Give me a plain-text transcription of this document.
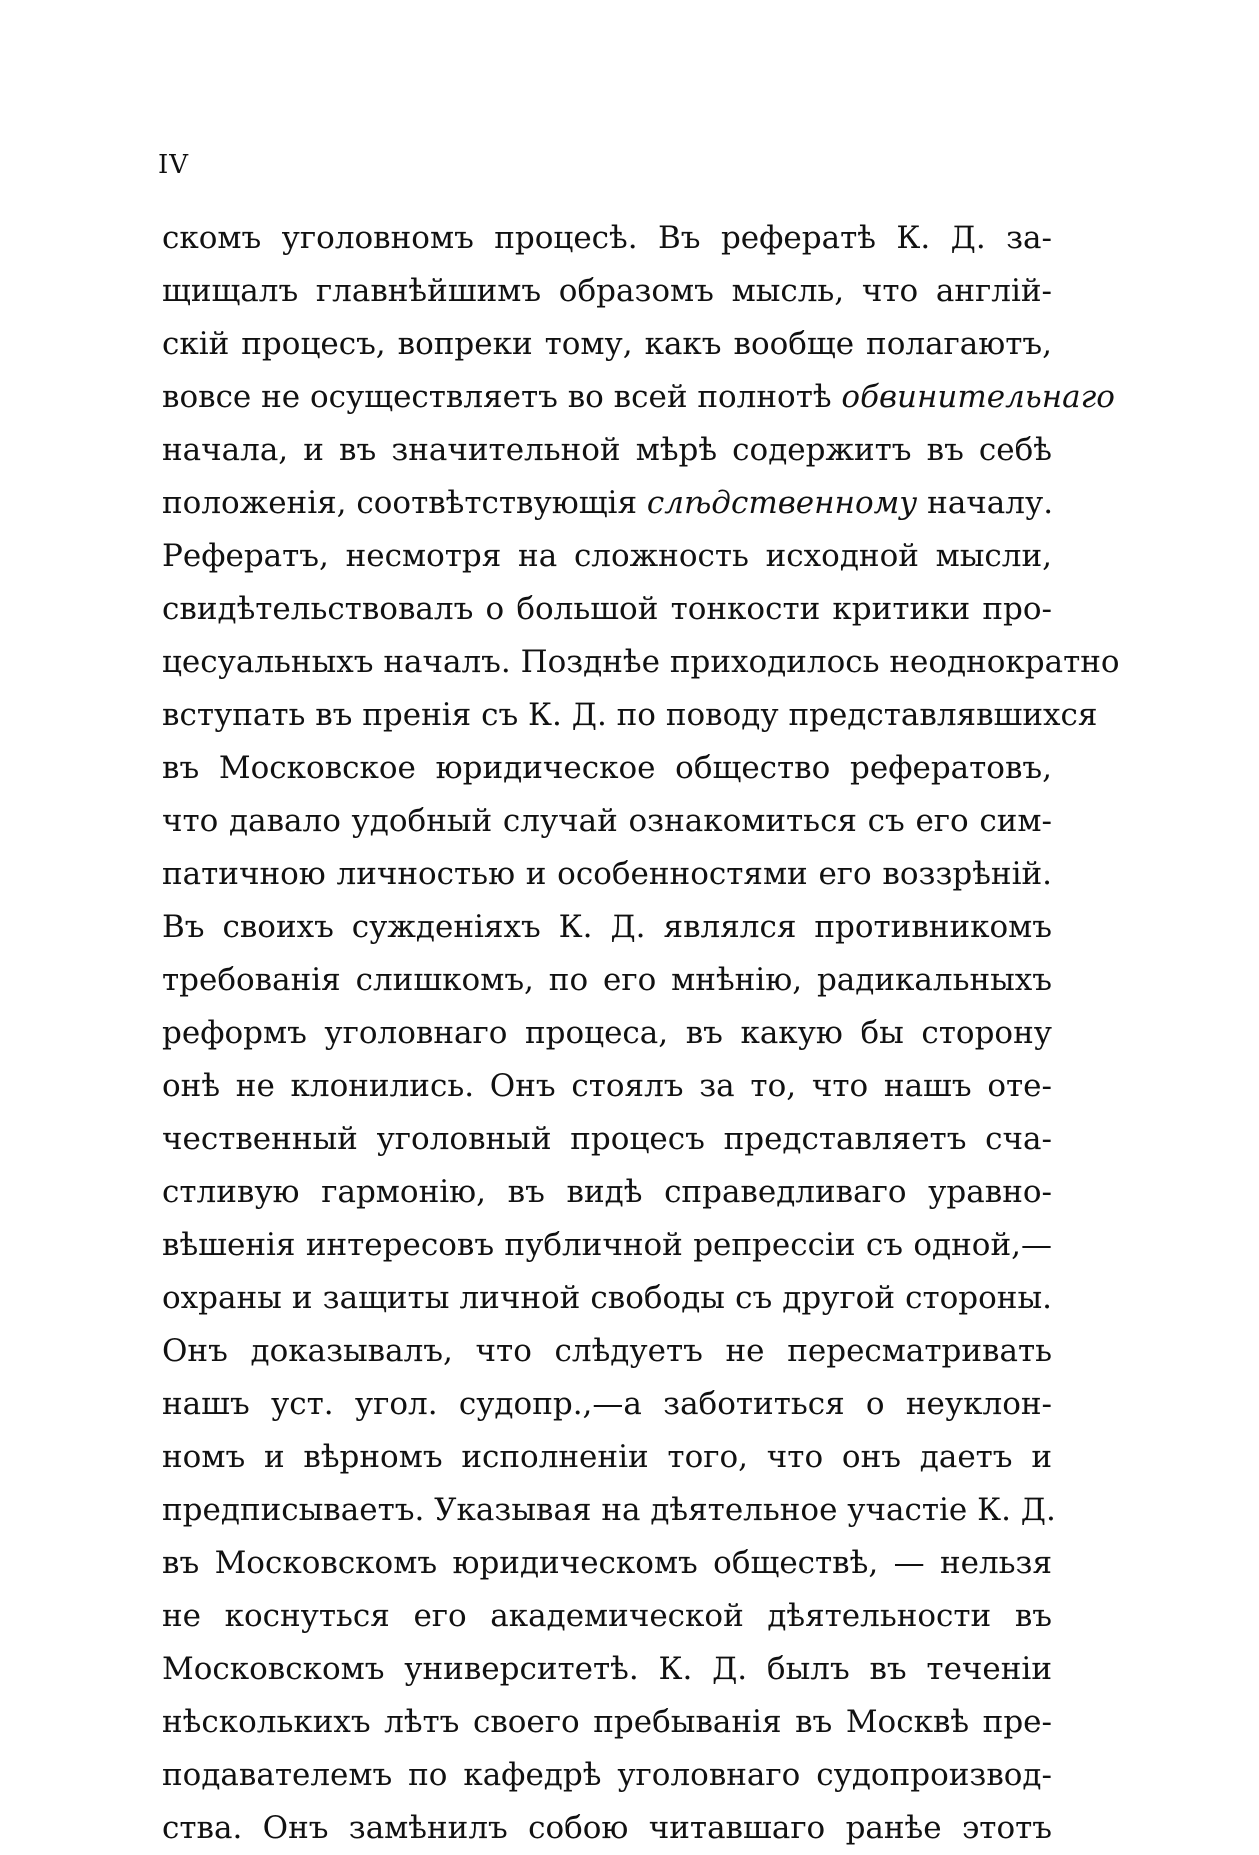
IV
скомъ уголовномъ процесѣ. Въ рефератѣ К. Д. за-
щищалъ главнѣйшимъ образомъ мысль, что англій-
скій процесъ, вопреки тому, какъ вообще полагаютъ,
вовсе не осуществляетъ во всей полнотѣ обвинительнаго
начала, и въ значительной мѣрѣ содержитъ въ себѣ
положенія, соотвѣтствующія слѣдственному началу.
Рефератъ, несмотря на сложность исходной мысли,
свидѣтельствовалъ о большой тонкости критики про-
цесуальныхъ началъ. Позднѣе приходилось неоднократно
вступать въ пренія съ К. Д. по поводу представлявшихся
въ Московское юридическое общество рефератовъ,
что давало удобный случай ознакомиться съ его сим-
патичною личностью и особенностями его воззрѣній.
Въ своихъ сужденіяхъ К. Д. являлся противникомъ
требованія слишкомъ, по его мнѣнію, радикальныхъ
реформъ уголовнаго процеса, въ какую бы сторону
онѣ не клонились. Онъ стоялъ за то, что нашъ оте-
чественный уголовный процесъ представляетъ сча-
стливую гармонію, въ видѣ справедливаго уравно-
вѣшенія интересовъ публичной репрессіи съ одной,—
охраны и защиты личной свободы съ другой стороны.
Онъ доказывалъ, что слѣдуетъ не пересматривать
нашъ уст. угол. судопр.,—а заботиться о неуклон-
номъ и вѣрномъ исполненіи того, что онъ даетъ и
предписываетъ. Указывая на дѣятельное участіе К. Д.
въ Московскомъ юридическомъ обществѣ, — нельзя
не коснуться его академической дѣятельности въ
Московскомъ университетѣ. К. Д. былъ въ теченіи
нѣсколькихъ лѣтъ своего пребыванія въ Москвѣ пре-
подавателемъ по кафедрѣ уголовнаго судопроизвод-
ства. Онъ замѣнилъ собою читавшаго ранѣе этотъ
